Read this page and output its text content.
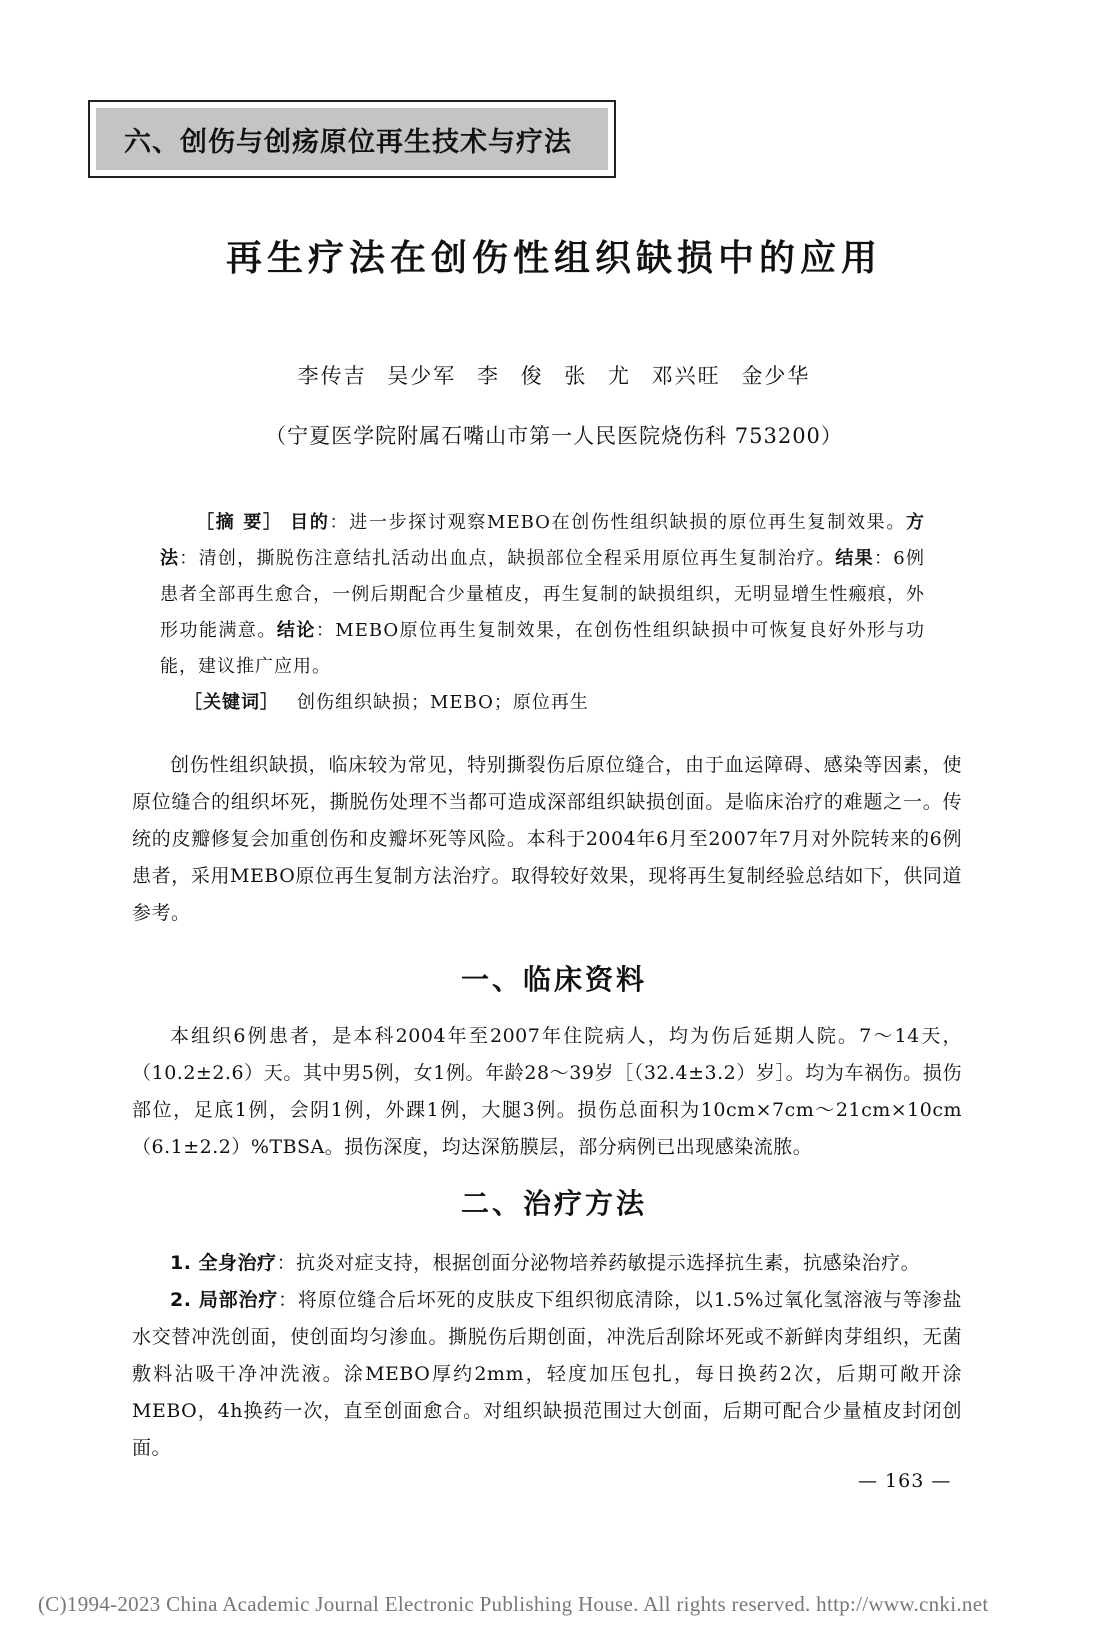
六、创伤与创疡原位再生技术与疗法
再生疗法在创伤性组织缺损中的应用
李传吉 吴少军 李 俊 张 尤 邓兴旺 金少华
（宁夏医学院附属石嘴山市第一人民医院烧伤科 753200）

［摘 要］ 目的：进一步探讨观察MEBO在创伤性组织缺损的原位再生复制效果。方法：清创，撕脱伤注意结扎活动出血点，缺损部位全程采用原位再生复制治疗。结果：6例患者全部再生愈合，一例后期配合少量植皮，再生复制的缺损组织，无明显增生性瘢痕，外形功能满意。结论：MEBO原位再生复制效果，在创伤性组织缺损中可恢复良好外形与功能，建议推广应用。

［关键词］ 创伤组织缺损；MEBO；原位再生

创伤性组织缺损，临床较为常见，特别撕裂伤后原位缝合，由于血运障碍、感染等因素，使原位缝合的组织坏死，撕脱伤处理不当都可造成深部组织缺损创面。是临床治疗的难题之一。传统的皮瓣修复会加重创伤和皮瓣坏死等风险。本科于2004年6月至2007年7月对外院转来的6例患者，采用MEBO原位再生复制方法治疗。取得较好效果，现将再生复制经验总结如下，供同道参考。

一、临床资料

本组织6例患者，是本科2004年至2007年住院病人，均为伤后延期人院。7～14天，（10.2±2.6）天。其中男5例，女1例。年龄28～39岁［（32.4±3.2）岁］。均为车祸伤。损伤部位，足底1例，会阴1例，外踝1例，大腿3例。损伤总面积为10cm×7cm～21cm×10cm（6.1±2.2）%TBSA。损伤深度，均达深筋膜层，部分病例已出现感染流脓。

二、治疗方法

1. 全身治疗：抗炎对症支持，根据创面分泌物培养药敏提示选择抗生素，抗感染治疗。

2. 局部治疗：将原位缝合后坏死的皮肤皮下组织彻底清除，以1.5%过氧化氢溶液与等渗盐水交替冲洗创面，使创面均匀渗血。撕脱伤后期创面，冲洗后刮除坏死或不新鲜肉芽组织，无菌敷料沾吸干净冲洗液。涂MEBO厚约2mm，轻度加压包扎，每日换药2次，后期可敞开涂MEBO，4h换药一次，直至创面愈合。对组织缺损范围过大创面，后期可配合少量植皮封闭创面。

— 163 —
(C)1994-2023 China Academic Journal Electronic Publishing House. All rights reserved. http://www.cnki.net
